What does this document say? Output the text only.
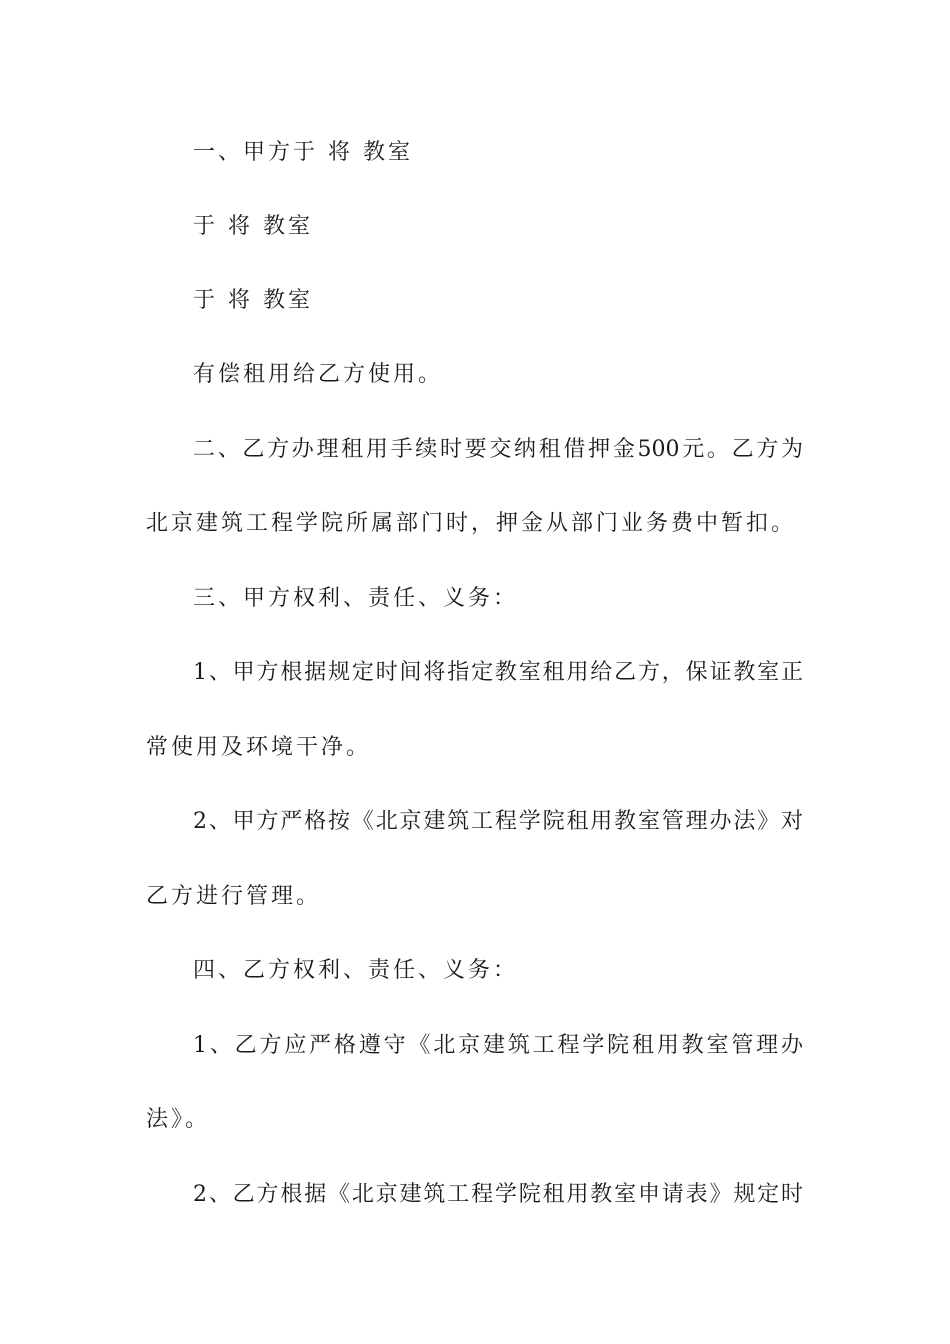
一、甲方于 将 教室

于 将 教室

于 将 教室

有偿租用给乙方使用。

二、乙方办理租用手续时要交纳租借押金500元。乙方为

北京建筑工程学院所属部门时，押金从部门业务费中暂扣。

三、甲方权利、责任、义务：

1、甲方根据规定时间将指定教室租用给乙方，保证教室正

常使用及环境干净。

2、甲方严格按《北京建筑工程学院租用教室管理办法》对

乙方进行管理。

四、乙方权利、责任、义务：

1、乙方应严格遵守《北京建筑工程学院租用教室管理办

法》。

2、乙方根据《北京建筑工程学院租用教室申请表》规定时
